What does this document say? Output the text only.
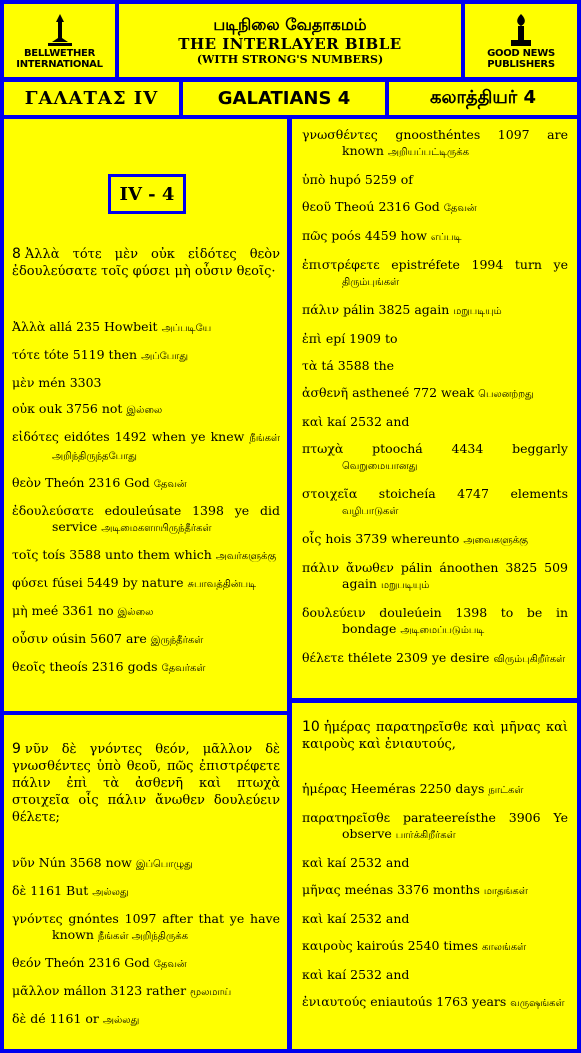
BELLWETHER INTERNATIONAL
படிநிலை வேதாகமம்
THE INTERLAYER BIBLE
(WITH STRONG'S NUMBERS)	GOOD NEWS PUBLISHERS
ΓΑΛΑΤΑΣ IV	GALATIANS 4	கலாத்தியர் 4
IV - 4
8 Ἀλλὰ τότε μὲν οὐκ εἰδότες θεὸν ἐδουλεύσατε τοῖς φύσει μὴ οὖσιν θεοῖς·
Ἀλλὰ allá 235 Howbeit அப்படியே
τότε tóte 5119 then அப்போது
μὲν mén 3303
οὐκ ouk 3756 not இல்லை
εἰδότες eidótes 1492 when ye knew நீங்கள் அறிந்திருந்தபோது
θεὸν Theón 2316 God தேவன்
ἐδουλεύσατε edouleúsate 1398 ye did service அடிமைகளாயிருந்தீர்கள்
τοῖς toís 3588 unto them which அவர்களுக்கு
φύσει fúsei 5449 by nature சுபாவத்தின்படி
μὴ meé 3361 no இல்லை
οὖσιν oúsin 5607 are இருந்தீர்கள்
θεοῖς theoís 2316 gods தேவர்கள்
9 νῦν δὲ γνόντες θεόν, μᾶλλον δὲ γνωσθέντες ὑπὸ θεοῦ, πῶς ἐπιστρέφετε πάλιν ἐπὶ τὰ ἀσθενῆ καὶ πτωχὰ στοιχεῖα οἷς πάλιν ἄνωθεν δουλεύειν θέλετε;
νῦν Nún 3568 now இப்பொழுது
δὲ 1161 But அல்லது
γνόντες gnóntes 1097 after that ye have known நீங்கள் அறிந்திருக்க
θεόν Theón 2316 God தேவன்
μᾶλλον mállon 3123 rather மூலமாய்
δὲ dé 1161 or அல்லது
γνωσθέντες gnoosthéntes 1097 are known அறியப்பட்டிருக்க
ὑπὸ hupó 5259 of
θεοῦ Theoú 2316 God தேவன்
πῶς poós 4459 how எப்படி
ἐπιστρέφετε epistréfete 1994 turn ye திரும்புங்கள்
πάλιν pálin 3825 again மறுபடியும்
ἐπὶ epí 1909 to
τὰ tá 3588 the
ἀσθενῆ astheneé 772 weak பெலனற்றது
καὶ kaí 2532 and
πτωχὰ ptoochá 4434 beggarly வெறுமையானது
στοιχεῖα stoicheía 4747 elements வழிபாடுகள்
οἷς hois 3739 whereunto அவைகளுக்கு
πάλιν ἄνωθεν pálin ánoothen 3825 509 again மறுபடியும்
δουλεύειν douleúein 1398 to be in bondage அடிமைப்படும்படி
θέλετε thélete 2309 ye desire விரும்புகிறீர்கள்
10 ἡμέρας παρατηρεῖσθε καὶ μῆνας καὶ καιροὺς καὶ ἐνιαυτούς,
ἡμέρας Heeméras 2250 days நாட்கள்
παρατηρεῖσθε parateereísthe 3906 Ye observe பார்க்கிறீர்கள்
καὶ kaí 2532 and
μῆνας meénas 3376 months மாதங்கள்
καὶ kaí 2532 and
καιροὺς kairoús 2540 times காலங்கள்
καὶ kaí 2532 and
ἐνιαυτούς eniautoús 1763 years வருஷங்கள்
